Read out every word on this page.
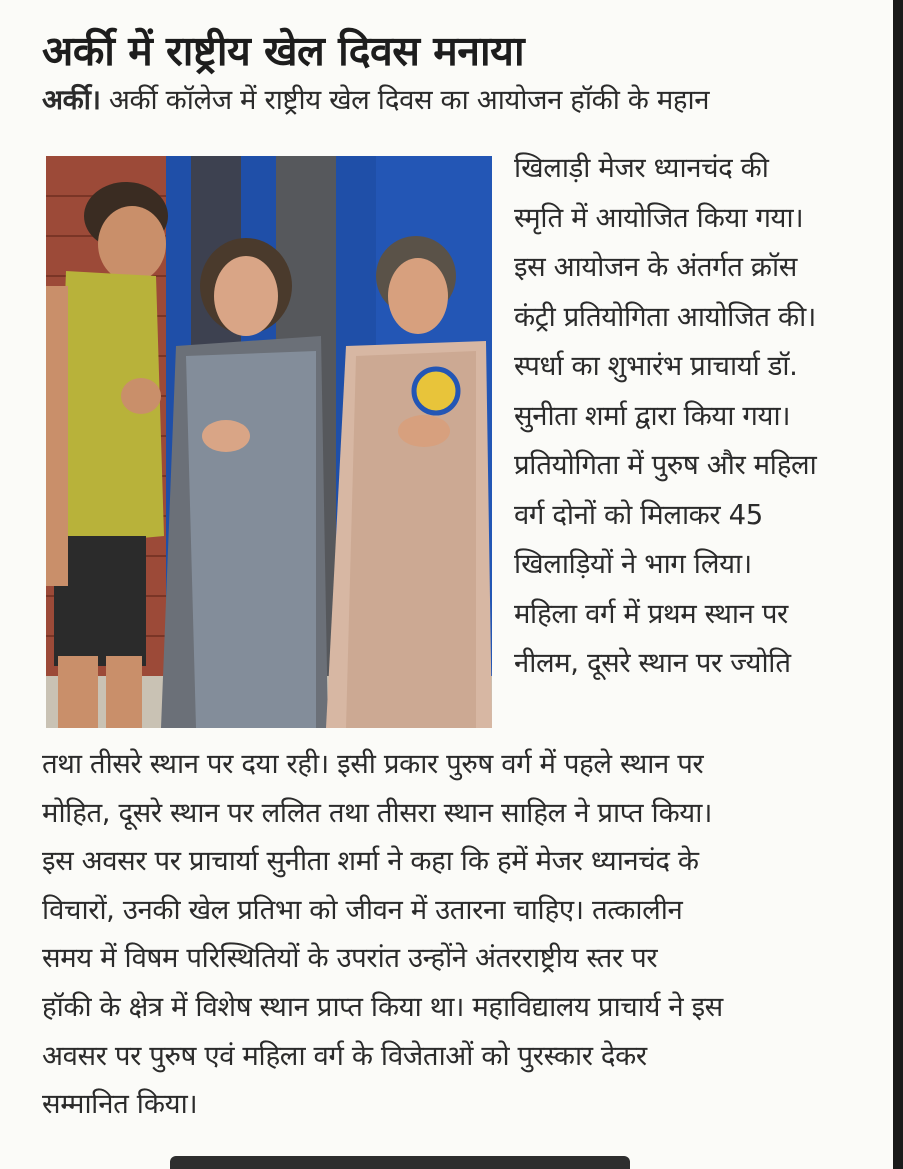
अर्की में राष्ट्रीय खेल दिवस मनाया
अर्की। अर्की कॉलेज में राष्ट्रीय खेल दिवस का आयोजन हॉकी के महान
खिलाड़ी मेजर ध्यानचंद की
स्मृति में आयोजित किया गया।
इस आयोजन के अंतर्गत क्रॉस
कंट्री प्रतियोगिता आयोजित की।
स्पर्धा का शुभारंभ प्राचार्या डॉ.
सुनीता शर्मा द्वारा किया गया।
प्रतियोगिता में पुरुष और महिला
वर्ग दोनों को मिलाकर 45
खिलाड़ियों ने भाग लिया।
महिला वर्ग में प्रथम स्थान पर
नीलम, दूसरे स्थान पर ज्योति
तथा तीसरे स्थान पर दया रही। इसी प्रकार पुरुष वर्ग में पहले स्थान पर
मोहित, दूसरे स्थान पर ललित तथा तीसरा स्थान साहिल ने प्राप्त किया।
इस अवसर पर प्राचार्या सुनीता शर्मा ने कहा कि हमें मेजर ध्यानचंद के
विचारों, उनकी खेल प्रतिभा को जीवन में उतारना चाहिए। तत्कालीन
समय में विषम परिस्थितियों के उपरांत उन्होंने अंतरराष्ट्रीय स्तर पर
हॉकी के क्षेत्र में विशेष स्थान प्राप्त किया था। महाविद्यालय प्राचार्य ने इस
अवसर पर पुरुष एवं महिला वर्ग के विजेताओं को पुरस्कार देकर
सम्मानित किया।
